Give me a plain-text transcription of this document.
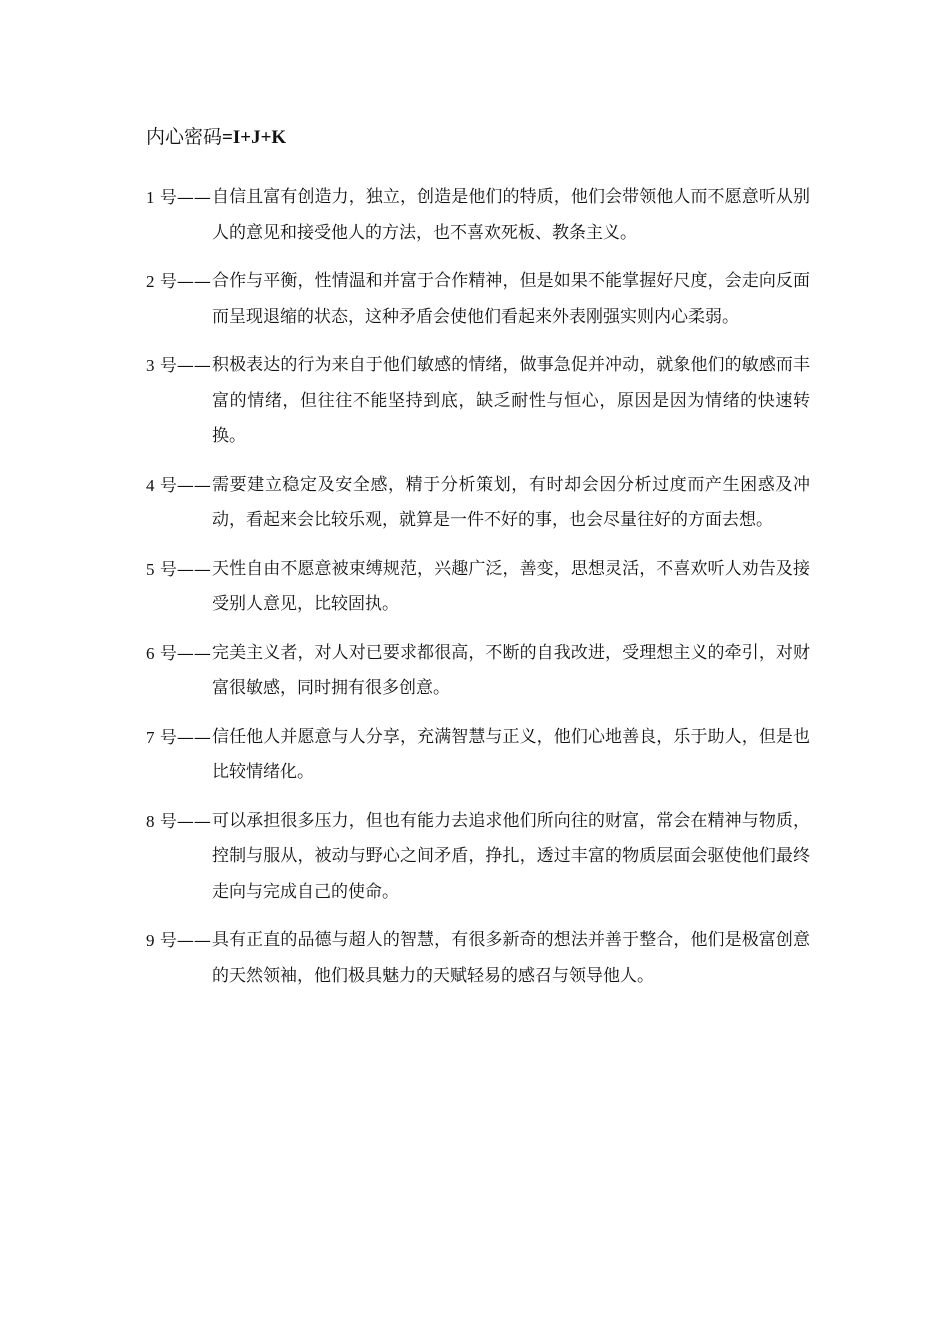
内心密码=I+J+K
1 号—— 自信且富有创造力，独立，创造是他们的特质，他们会带领他人而不愿意听从别人的意见和接受他人的方法，也不喜欢死板、教条主义。
2 号—— 合作与平衡，性情温和并富于合作精神，但是如果不能掌握好尺度，会走向反面而呈现退缩的状态，这种矛盾会使他们看起来外表刚强实则内心柔弱。
3 号—— 积极表达的行为来自于他们敏感的情绪，做事急促并冲动，就象他们的敏感而丰富的情绪，但往往不能坚持到底，缺乏耐性与恒心，原因是因为情绪的快速转换。
4 号—— 需要建立稳定及安全感，精于分析策划，有时却会因分析过度而产生困惑及冲动，看起来会比较乐观，就算是一件不好的事，也会尽量往好的方面去想。
5 号—— 天性自由不愿意被束缚规范，兴趣广泛，善变，思想灵活，不喜欢听人劝告及接受别人意见，比较固执。
6 号—— 完美主义者，对人对已要求都很高，不断的自我改进，受理想主义的牵引，对财富很敏感，同时拥有很多创意。
7 号—— 信任他人并愿意与人分享，充满智慧与正义，他们心地善良，乐于助人，但是也比较情绪化。
8 号—— 可以承担很多压力，但也有能力去追求他们所向往的财富，常会在精神与物质，控制与服从，被动与野心之间矛盾，挣扎，透过丰富的物质层面会驱使他们最终走向与完成自己的使命。
9 号—— 具有正直的品德与超人的智慧，有很多新奇的想法并善于整合，他们是极富创意的天然领袖，他们极具魅力的天赋轻易的感召与领导他人。
